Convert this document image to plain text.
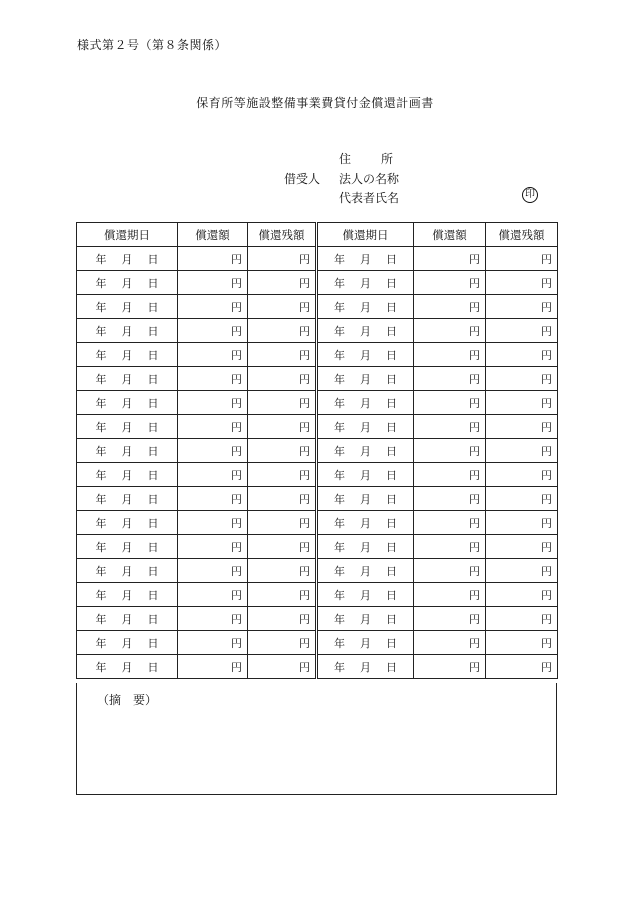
様式第２号（第８条関係）
保育所等施設整備事業費貸付金償還計画書
住	所
借受人 法人の名称
代表者氏名	印
償還期日	償還額	償還残額	償還期日	償還額	償還残額
年 月 日	円	円	年 月 日	円	円
年 月 日	円	円	年 月 日	円	円
年 月 日	円	円	年 月 日	円	円
年 月 日	円	円	年 月 日	円	円
年 月 日	円	円	年 月 日	円	円
年 月 日	円	円	年 月 日	円	円
年 月 日	円	円	年 月 日	円	円
年 月 日	円	円	年 月 日	円	円
年 月 日	円	円	年 月 日	円	円
年 月 日	円	円	年 月 日	円	円
年 月 日	円	円	年 月 日	円	円
年 月 日	円	円	年 月 日	円	円
年 月 日	円	円	年 月 日	円	円
年 月 日	円	円	年 月 日	円	円
年 月 日	円	円	年 月 日	円	円
年 月 日	円	円	年 月 日	円	円
年 月 日	円	円	年 月 日	円	円
年 月 日	円	円	年 月 日	円	円
（摘　要）
